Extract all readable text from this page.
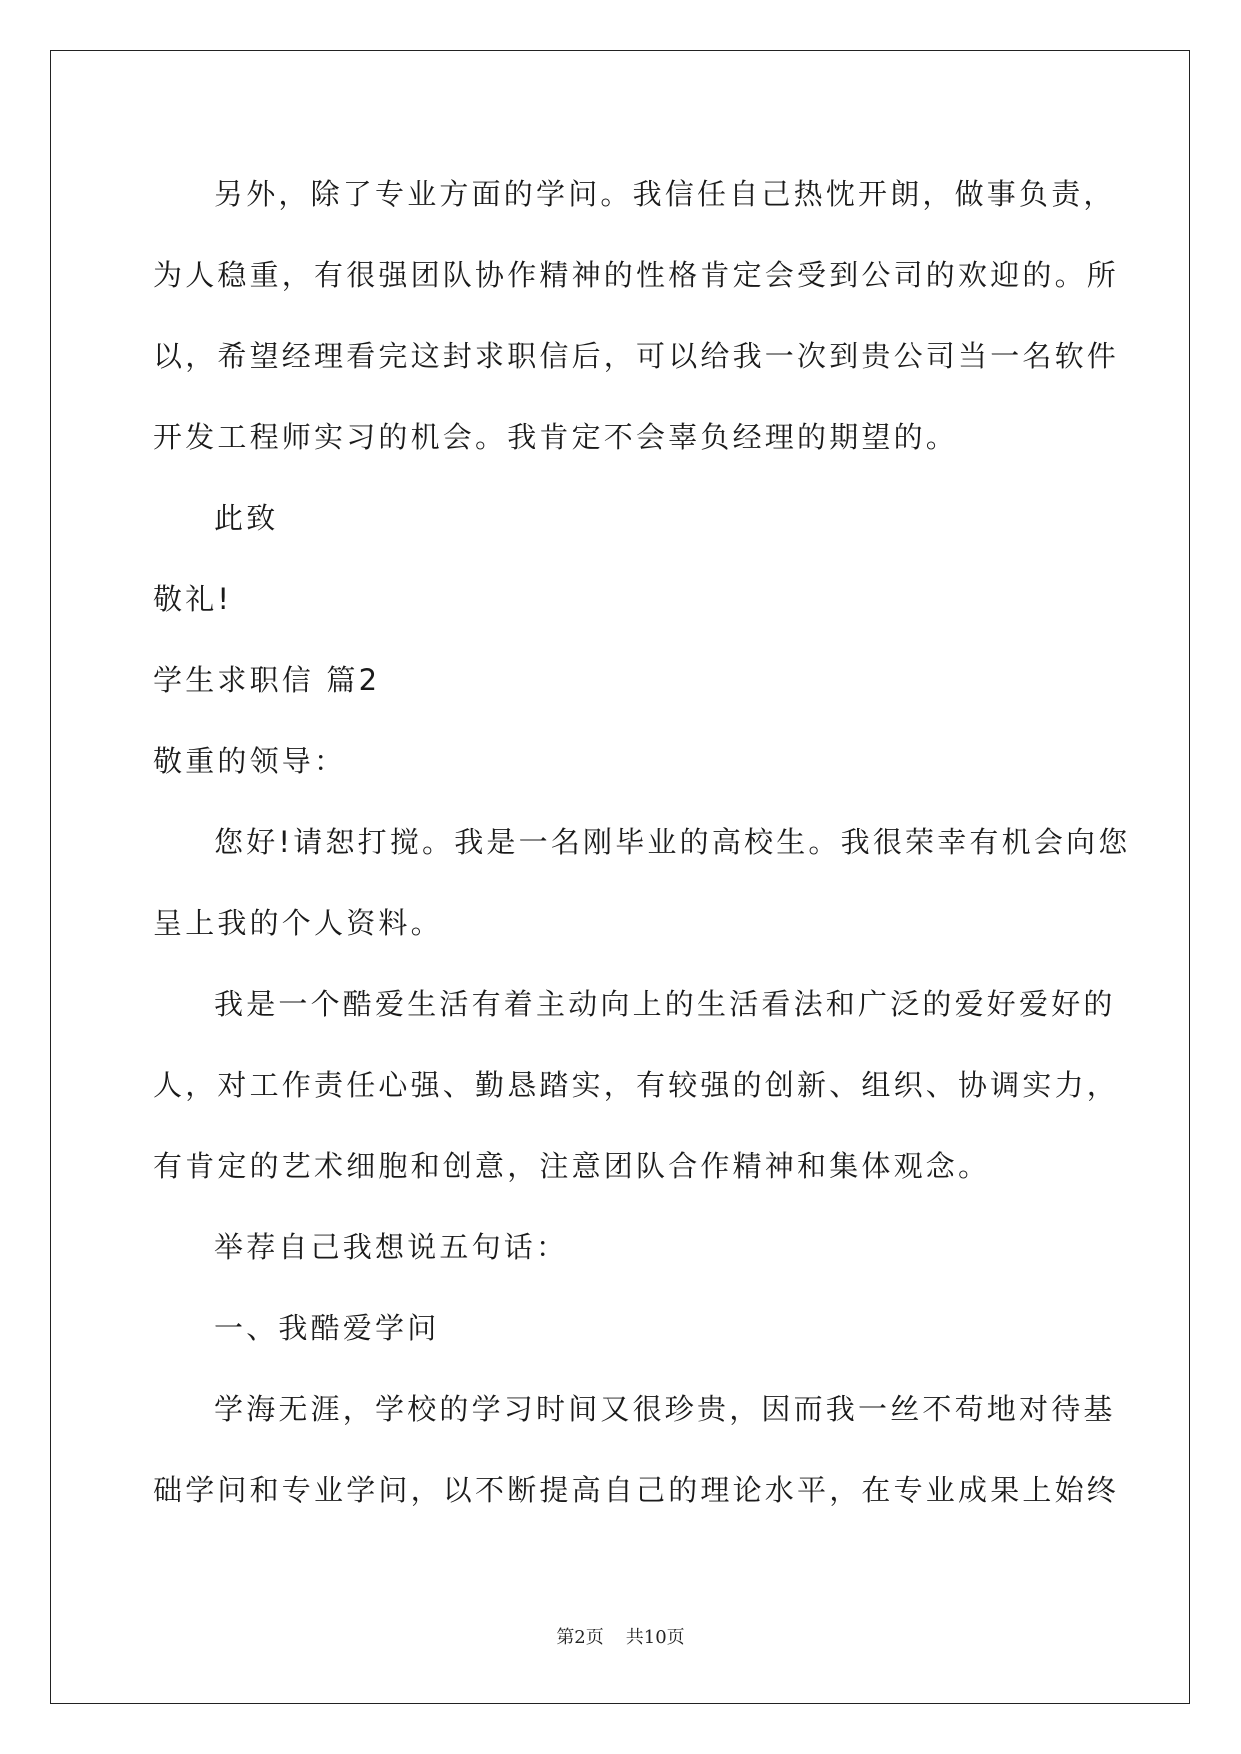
另外，除了专业方面的学问。我信任自己热忱开朗，做事负责，
为人稳重，有很强团队协作精神的性格肯定会受到公司的欢迎的。所
以，希望经理看完这封求职信后，可以给我一次到贵公司当一名软件
开发工程师实习的机会。我肯定不会辜负经理的期望的。
此致
敬礼!
学生求职信 篇2
敬重的领导：
您好!请恕打搅。我是一名刚毕业的高校生。我很荣幸有机会向您
呈上我的个人资料。
我是一个酷爱生活有着主动向上的生活看法和广泛的爱好爱好的
人，对工作责任心强、勤恳踏实，有较强的创新、组织、协调实力，
有肯定的艺术细胞和创意，注意团队合作精神和集体观念。
举荐自己我想说五句话：
一、我酷爱学问
学海无涯，学校的学习时间又很珍贵，因而我一丝不苟地对待基
础学问和专业学问，以不断提高自己的理论水平，在专业成果上始终
第2页 共10页
